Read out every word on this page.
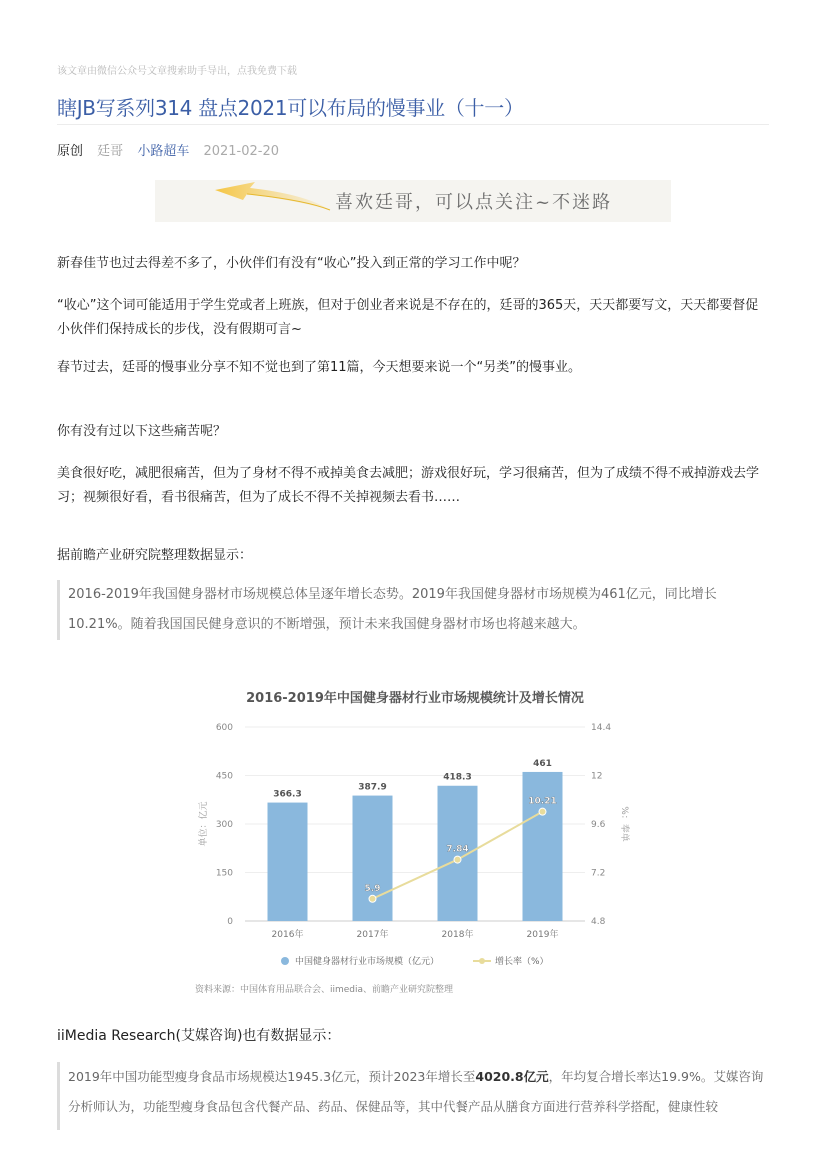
该文章由微信公众号文章搜索助手导出，点我免费下载
瞎JB写系列314 盘点2021可以布局的慢事业（十一）
原创 廷哥 小路超车 2021-02-20
喜欢廷哥，可以点关注~不迷路
新春佳节也过去得差不多了，小伙伴们有没有“收心”投入到正常的学习工作中呢？
“收心”这个词可能适用于学生党或者上班族，但对于创业者来说是不存在的，廷哥的365天，天天都要写文，天天都要督促小伙伴们保持成长的步伐，没有假期可言~
春节过去，廷哥的慢事业分享不知不觉也到了第11篇，今天想要来说一个“另类”的慢事业。
你有没有过以下这些痛苦呢？
美食很好吃，减肥很痛苦，但为了身材不得不戒掉美食去减肥；游戏很好玩，学习很痛苦，但为了成绩不得不戒掉游戏去学习；视频很好看，看书很痛苦，但为了成长不得不关掉视频去看书……
据前瞻产业研究院整理数据显示：
2016-2019年我国健身器材市场规模总体呈逐年增长态势。2019年我国健身器材市场规模为461亿元，同比增长10.21%。随着我国国民健身意识的不断增强，预计未来我国健身器材市场也将越来越大。
2016-2019年中国健身器材行业市场规模统计及增长情况
0
150
300
450
600
4.8
7.2
9.6
12
14.4
单位：亿元	%：奉单
2016年
366.3
2017年
387.9
2018年
418.3
2019年
461
5.9
7.84
10.21
中国健身器材行业市场规模（亿元）	增长率（%）
资料来源：中国体育用品联合会、iimedia、前瞻产业研究院整理
iiMedia Research(艾媒咨询)也有数据显示：
2019年中国功能型瘦身食品市场规模达1945.3亿元，预计2023年增长至4020.8亿元，年均复合增长率达19.9%。艾媒咨询分析师认为，功能型瘦身食品包含代餐产品、药品、保健品等，其中代餐产品从膳食方面进行营养科学搭配，健康性较
